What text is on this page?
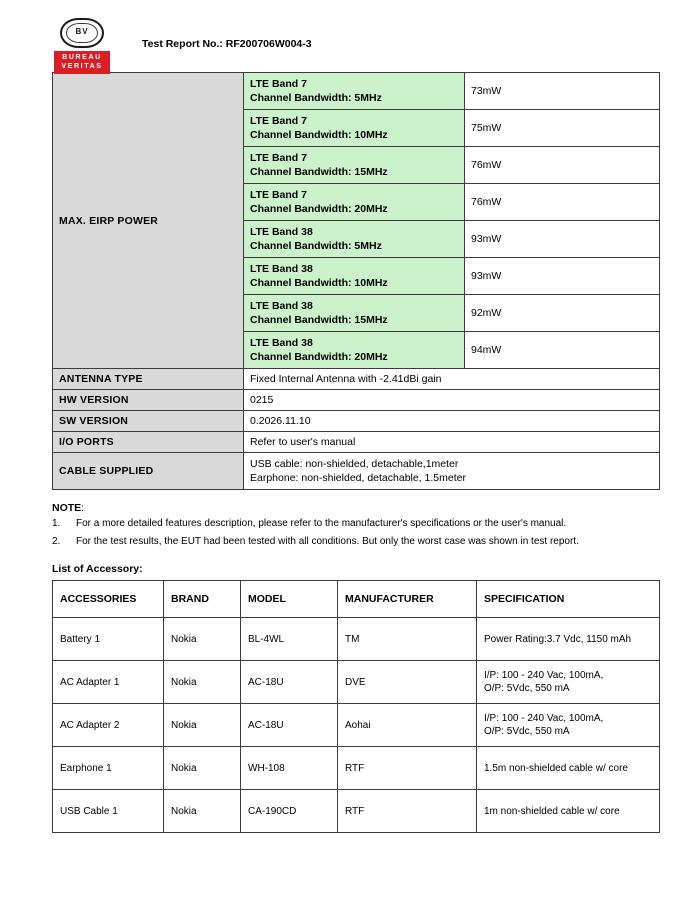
BV
BUREAU
VERITAS
Test Report No.: RF200706W004-3
MAX. EIRP POWER	LTE Band 7
Channel Bandwidth: 5MHz	73mW

	LTE Band 7
Channel Bandwidth: 10MHz	75mW

	LTE Band 7
Channel Bandwidth: 15MHz	76mW

	LTE Band 7
Channel Bandwidth: 20MHz	76mW

	LTE Band 38
Channel Bandwidth: 5MHz	93mW

	LTE Band 38
Channel Bandwidth: 10MHz	93mW

	LTE Band 38
Channel Bandwidth: 15MHz	92mW

	LTE Band 38
Channel Bandwidth: 20MHz	94mW
ANTENNA TYPE	Fixed Internal Antenna with -2.41dBi gain	
HW VERSION	0215	
SW VERSION	0.2026.11.10	
I/O PORTS	Refer to user's manual	
CABLE SUPPLIED	USB cable: non-shielded, detachable,1meter
Earphone: non-shielded, detachable, 1.5meter	
NOTE:
1. For a more detailed features description, please refer to the manufacturer's specifications or the user's manual.
2. For the test results, the EUT had been tested with all conditions. But only the worst case was shown in test report.
List of Accessory:
ACCESSORIES	BRAND	MODEL	MANUFACTURER	SPECIFICATION
Battery 1	Nokia	BL-4WL	TM	Power Rating:3.7 Vdc, 1150 mAh

AC Adapter 1	Nokia	AC-18U	DVE	I/P: 100 - 240 Vac, 100mA,
O/P: 5Vdc, 550 mA

AC Adapter 2	Nokia	AC-18U	Aohai	I/P: 100 - 240 Vac, 100mA,
O/P: 5Vdc, 550 mA

Earphone 1	Nokia	WH-108	RTF	1.5m non-shielded cable w/ core

USB Cable 1	Nokia	CA-190CD	RTF	1m non-shielded cable w/ core
